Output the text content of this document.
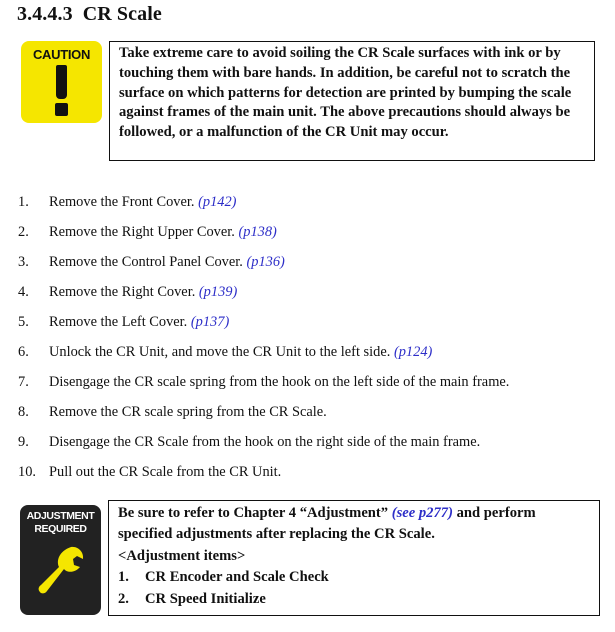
3.4.4.3 CR Scale
CAUTION	Take extreme care to avoid soiling the CR Scale surfaces with ink or by touching them with bare hands. In addition, be careful not to scratch the surface on which patterns for detection are printed by bumping the scale against frames of the main unit. The above precautions should always be followed, or a malfunction of the CR Unit may occur.
1. Remove the Front Cover. (p142)
2. Remove the Right Upper Cover. (p138)
3. Remove the Control Panel Cover. (p136)
4. Remove the Right Cover. (p139)
5. Remove the Left Cover. (p137)
6. Unlock the CR Unit, and move the CR Unit to the left side. (p124)
7. Disengage the CR scale spring from the hook on the left side of the main frame.
8. Remove the CR scale spring from the CR Scale.
9. Disengage the CR Scale from the hook on the right side of the main frame.
10. Pull out the CR Scale from the CR Unit.
ADJUSTMENT
REQUIRED
Be sure to refer to Chapter 4 “Adjustment” (see p277) and perform specified adjustments after replacing the CR Scale.
<Adjustment items>
1. CR Encoder and Scale Check
2. CR Speed Initialize
